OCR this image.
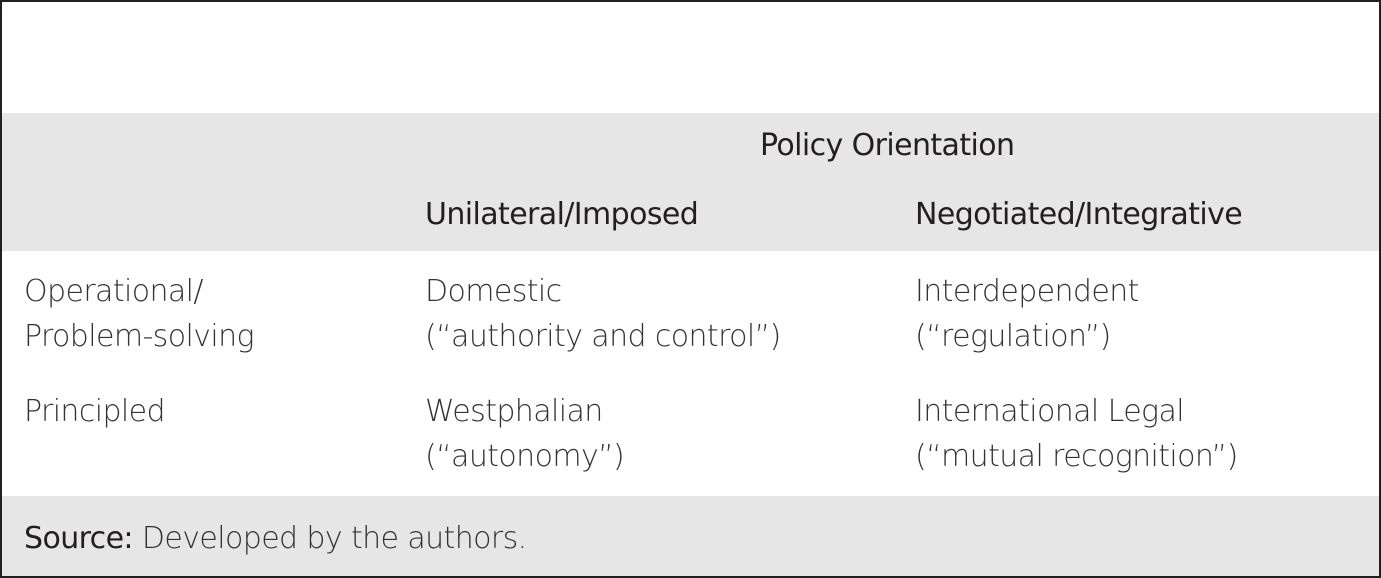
Policy Orientation
Unilateral/Imposed	Negotiated/Integrative
Operational/
Problem-solving
Domestic
(“authority and control”)
Interdependent
(“regulation”)
Principled	Westphalian
(“autonomy”)
International Legal
(“mutual recognition”)
Source: Developed by the authors.
